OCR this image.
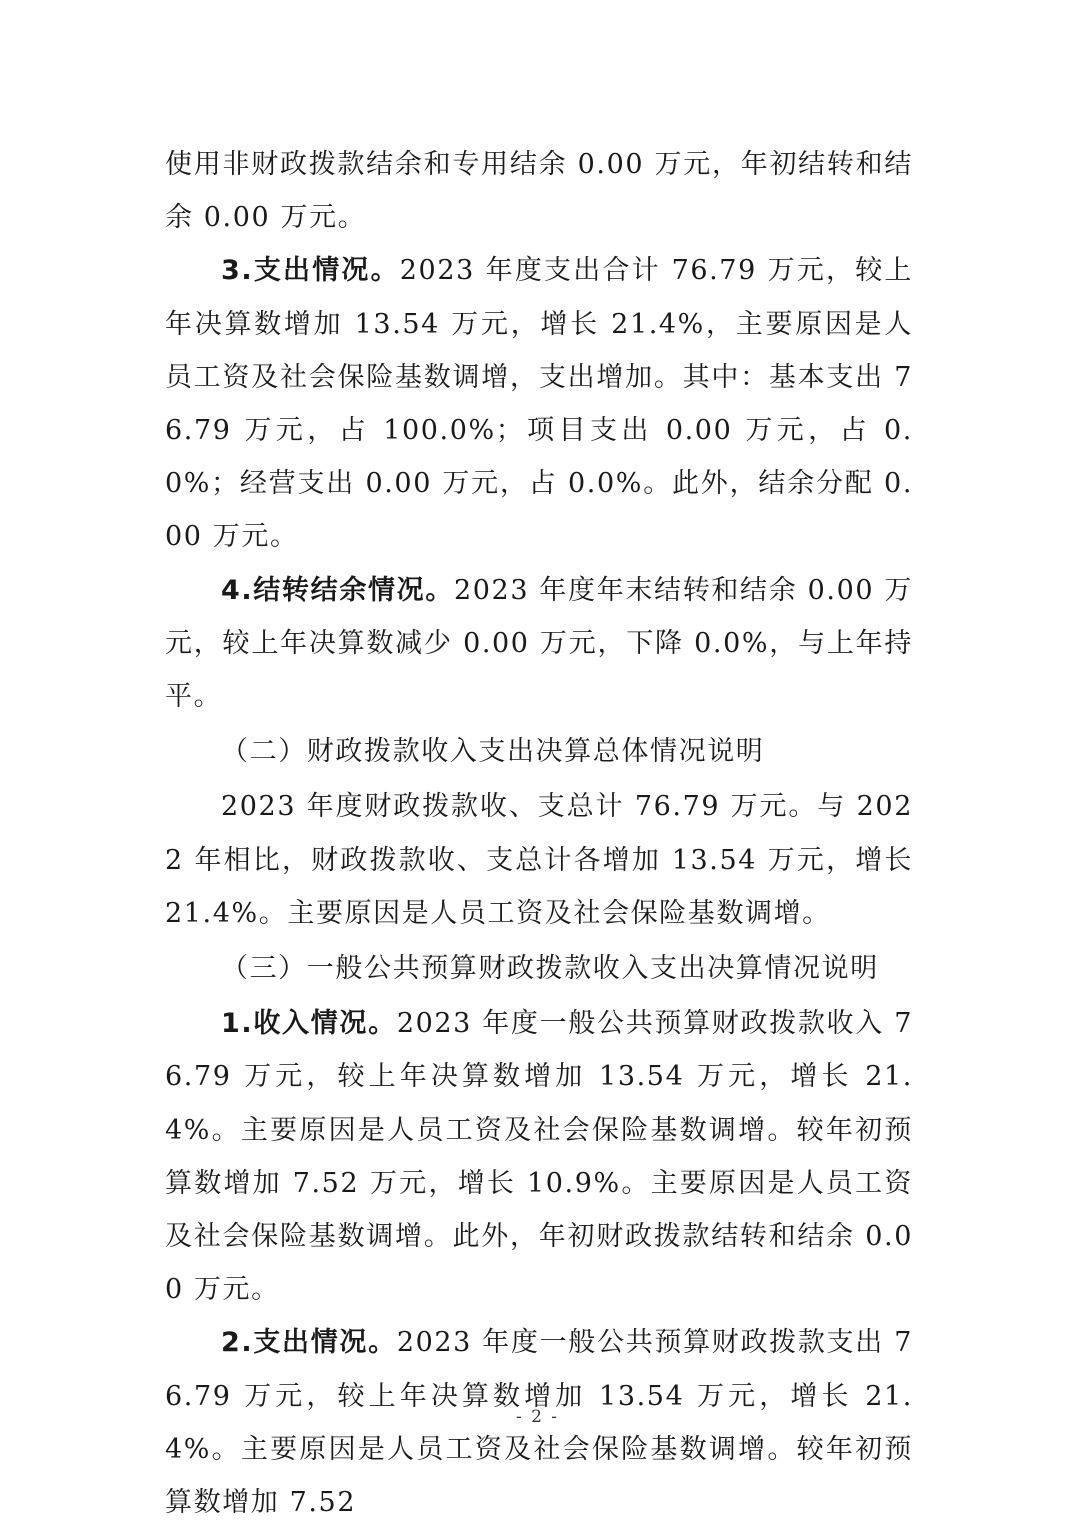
使用非财政拨款结余和专用结余 0.00 万元，年初结转和结余 0.00 万元。

3.支出情况。2023 年度支出合计 76.79 万元，较上年决算数增加 13.54 万元，增长 21.4%，主要原因是人员工资及社会保险基数调增，支出增加。其中：基本支出 76.79 万元，占 100.0%；项目支出 0.00 万元，占 0.0%；经营支出 0.00 万元，占 0.0%。此外，结余分配 0.00 万元。

4.结转结余情况。2023 年度年末结转和结余 0.00 万元，较上年决算数减少 0.00 万元，下降 0.0%，与上年持平。

（二）财政拨款收入支出决算总体情况说明

2023 年度财政拨款收、支总计 76.79 万元。与 2022 年相比，财政拨款收、支总计各增加 13.54 万元，增长 21.4%。主要原因是人员工资及社会保险基数调增。

（三）一般公共预算财政拨款收入支出决算情况说明

1.收入情况。2023 年度一般公共预算财政拨款收入 76.79 万元，较上年决算数增加 13.54 万元，增长 21.4%。主要原因是人员工资及社会保险基数调增。较年初预算数增加 7.52 万元，增长 10.9%。主要原因是人员工资及社会保险基数调增。此外，年初财政拨款结转和结余 0.00 万元。

2.支出情况。2023 年度一般公共预算财政拨款支出 76.79 万元，较上年决算数增加 13.54 万元，增长 21.4%。主要原因是人员工资及社会保险基数调增。较年初预算数增加 7.52

- 2 -
